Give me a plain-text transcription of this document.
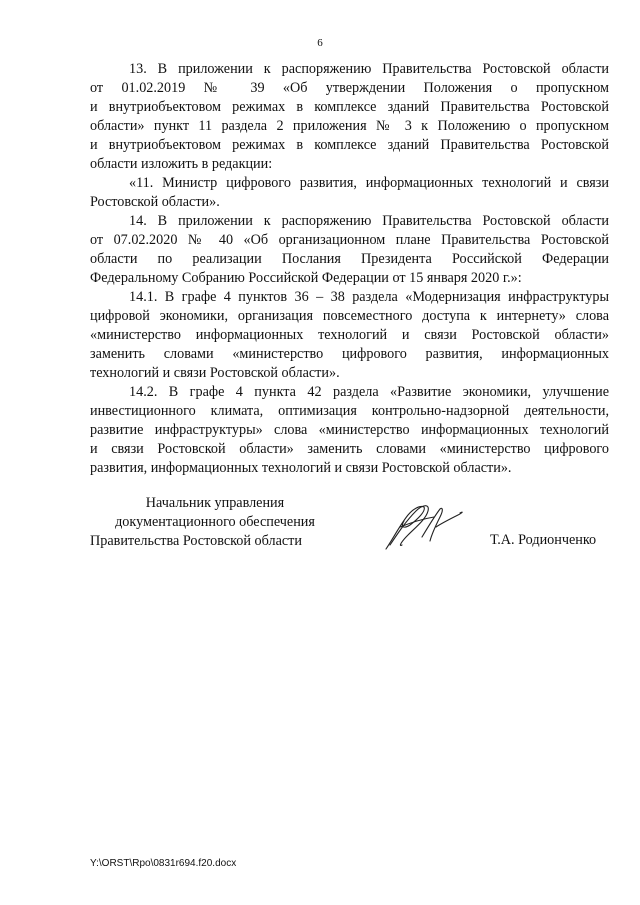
6

13. В приложении к распоряжению Правительства Ростовской области
от 01.02.2019 № 39 «Об утверждении Положения о пропускном
и внутриобъектовом режимах в комплексе зданий Правительства Ростовской
области» пункт 11 раздела 2 приложения № 3 к Положению о пропускном
и внутриобъектовом режимах в комплексе зданий Правительства Ростовской
области изложить в редакции:

«11. Министр цифрового развития, информационных технологий и связи
Ростовской области».

14. В приложении к распоряжению Правительства Ростовской области
от 07.02.2020 № 40 «Об организационном плане Правительства Ростовской
области по реализации Послания Президента Российской Федерации
Федеральному Собранию Российской Федерации от 15 января 2020 г.»:

14.1. В графе 4 пунктов 36 – 38 раздела «Модернизация инфраструктуры
цифровой экономики, организация повсеместного доступа к интернету» слова
«министерство информационных технологий и связи Ростовской области»
заменить словами «министерство цифрового развития, информационных
технологий и связи Ростовской области».

14.2. В графе 4 пункта 42 раздела «Развитие экономики, улучшение
инвестиционного климата, оптимизация контрольно-надзорной деятельности,
развитие инфраструктуры» слова «министерство информационных технологий
и связи Ростовской области» заменить словами «министерство цифрового
развития, информационных технологий и связи Ростовской области».

Начальник управления
документационного обеспечения
Правительства Ростовской области	Т.А. Родионченко
Y:\ORST\Rpo\0831r694.f20.docx
